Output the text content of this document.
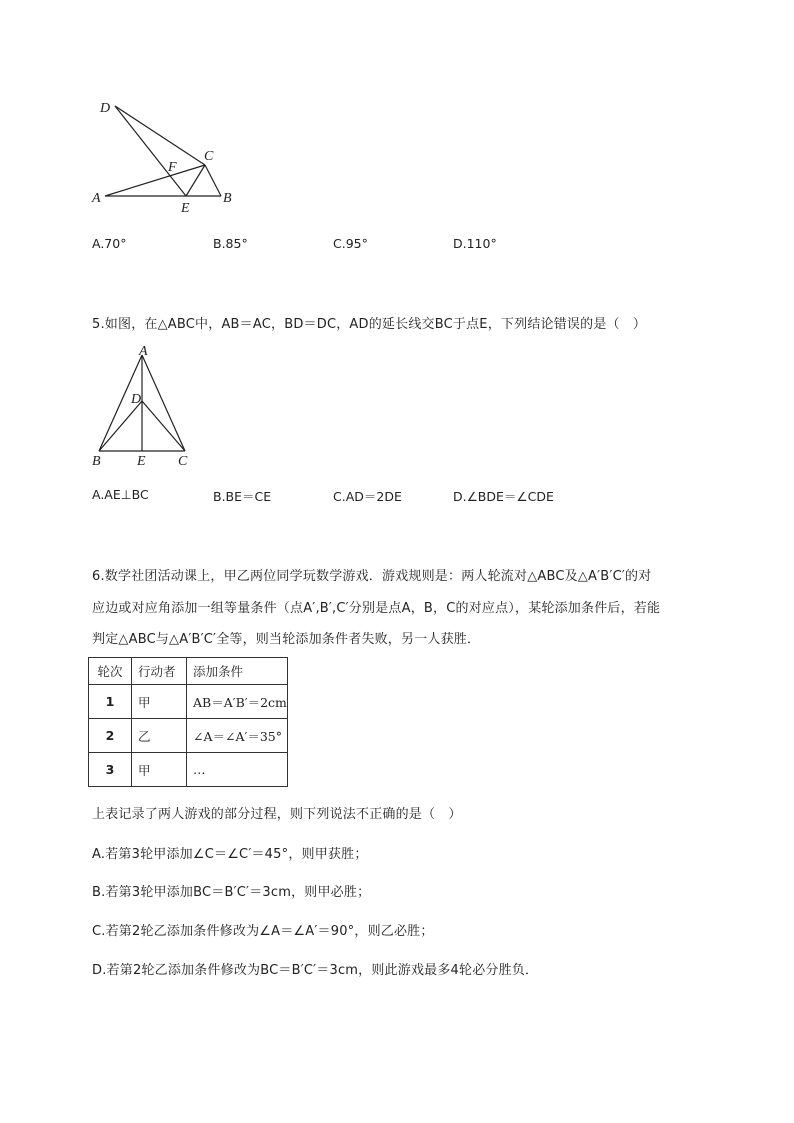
D
C
F
A
E
B
A.70°	B.85°	C.95°	D.110°
5.如图，在△ABC中，AB＝AC，BD＝DC，AD的延长线交BC于点E，下列结论错误的是（　）
A
D
B	E C
A.AE⊥BC	B.BE＝CE	C.AD＝2DE	D.∠BDE＝∠CDE
6.数学社团活动课上，甲乙两位同学玩数学游戏．游戏规则是：两人轮流对△ABC及△A′B′C′的对
应边或对应角添加一组等量条件（点A′,B′,C′分别是点A，B，C的对应点），某轮添加条件后，若能
判定△ABC与△A′B′C′全等，则当轮添加条件者失败，另一人获胜．
轮次	行动者	添加条件
1	甲	AB＝A′B′＝2cm
2	乙	∠A＝∠A′＝35°
3	甲	…
上表记录了两人游戏的部分过程，则下列说法不正确的是（　）
A.若第3轮甲添加∠C＝∠C′＝45°，则甲获胜；
B.若第3轮甲添加BC＝B′C′＝3cm，则甲必胜；
C.若第2轮乙添加条件修改为∠A＝∠A′＝90°，则乙必胜；
D.若第2轮乙添加条件修改为BC＝B′C′＝3cm，则此游戏最多4轮必分胜负．
